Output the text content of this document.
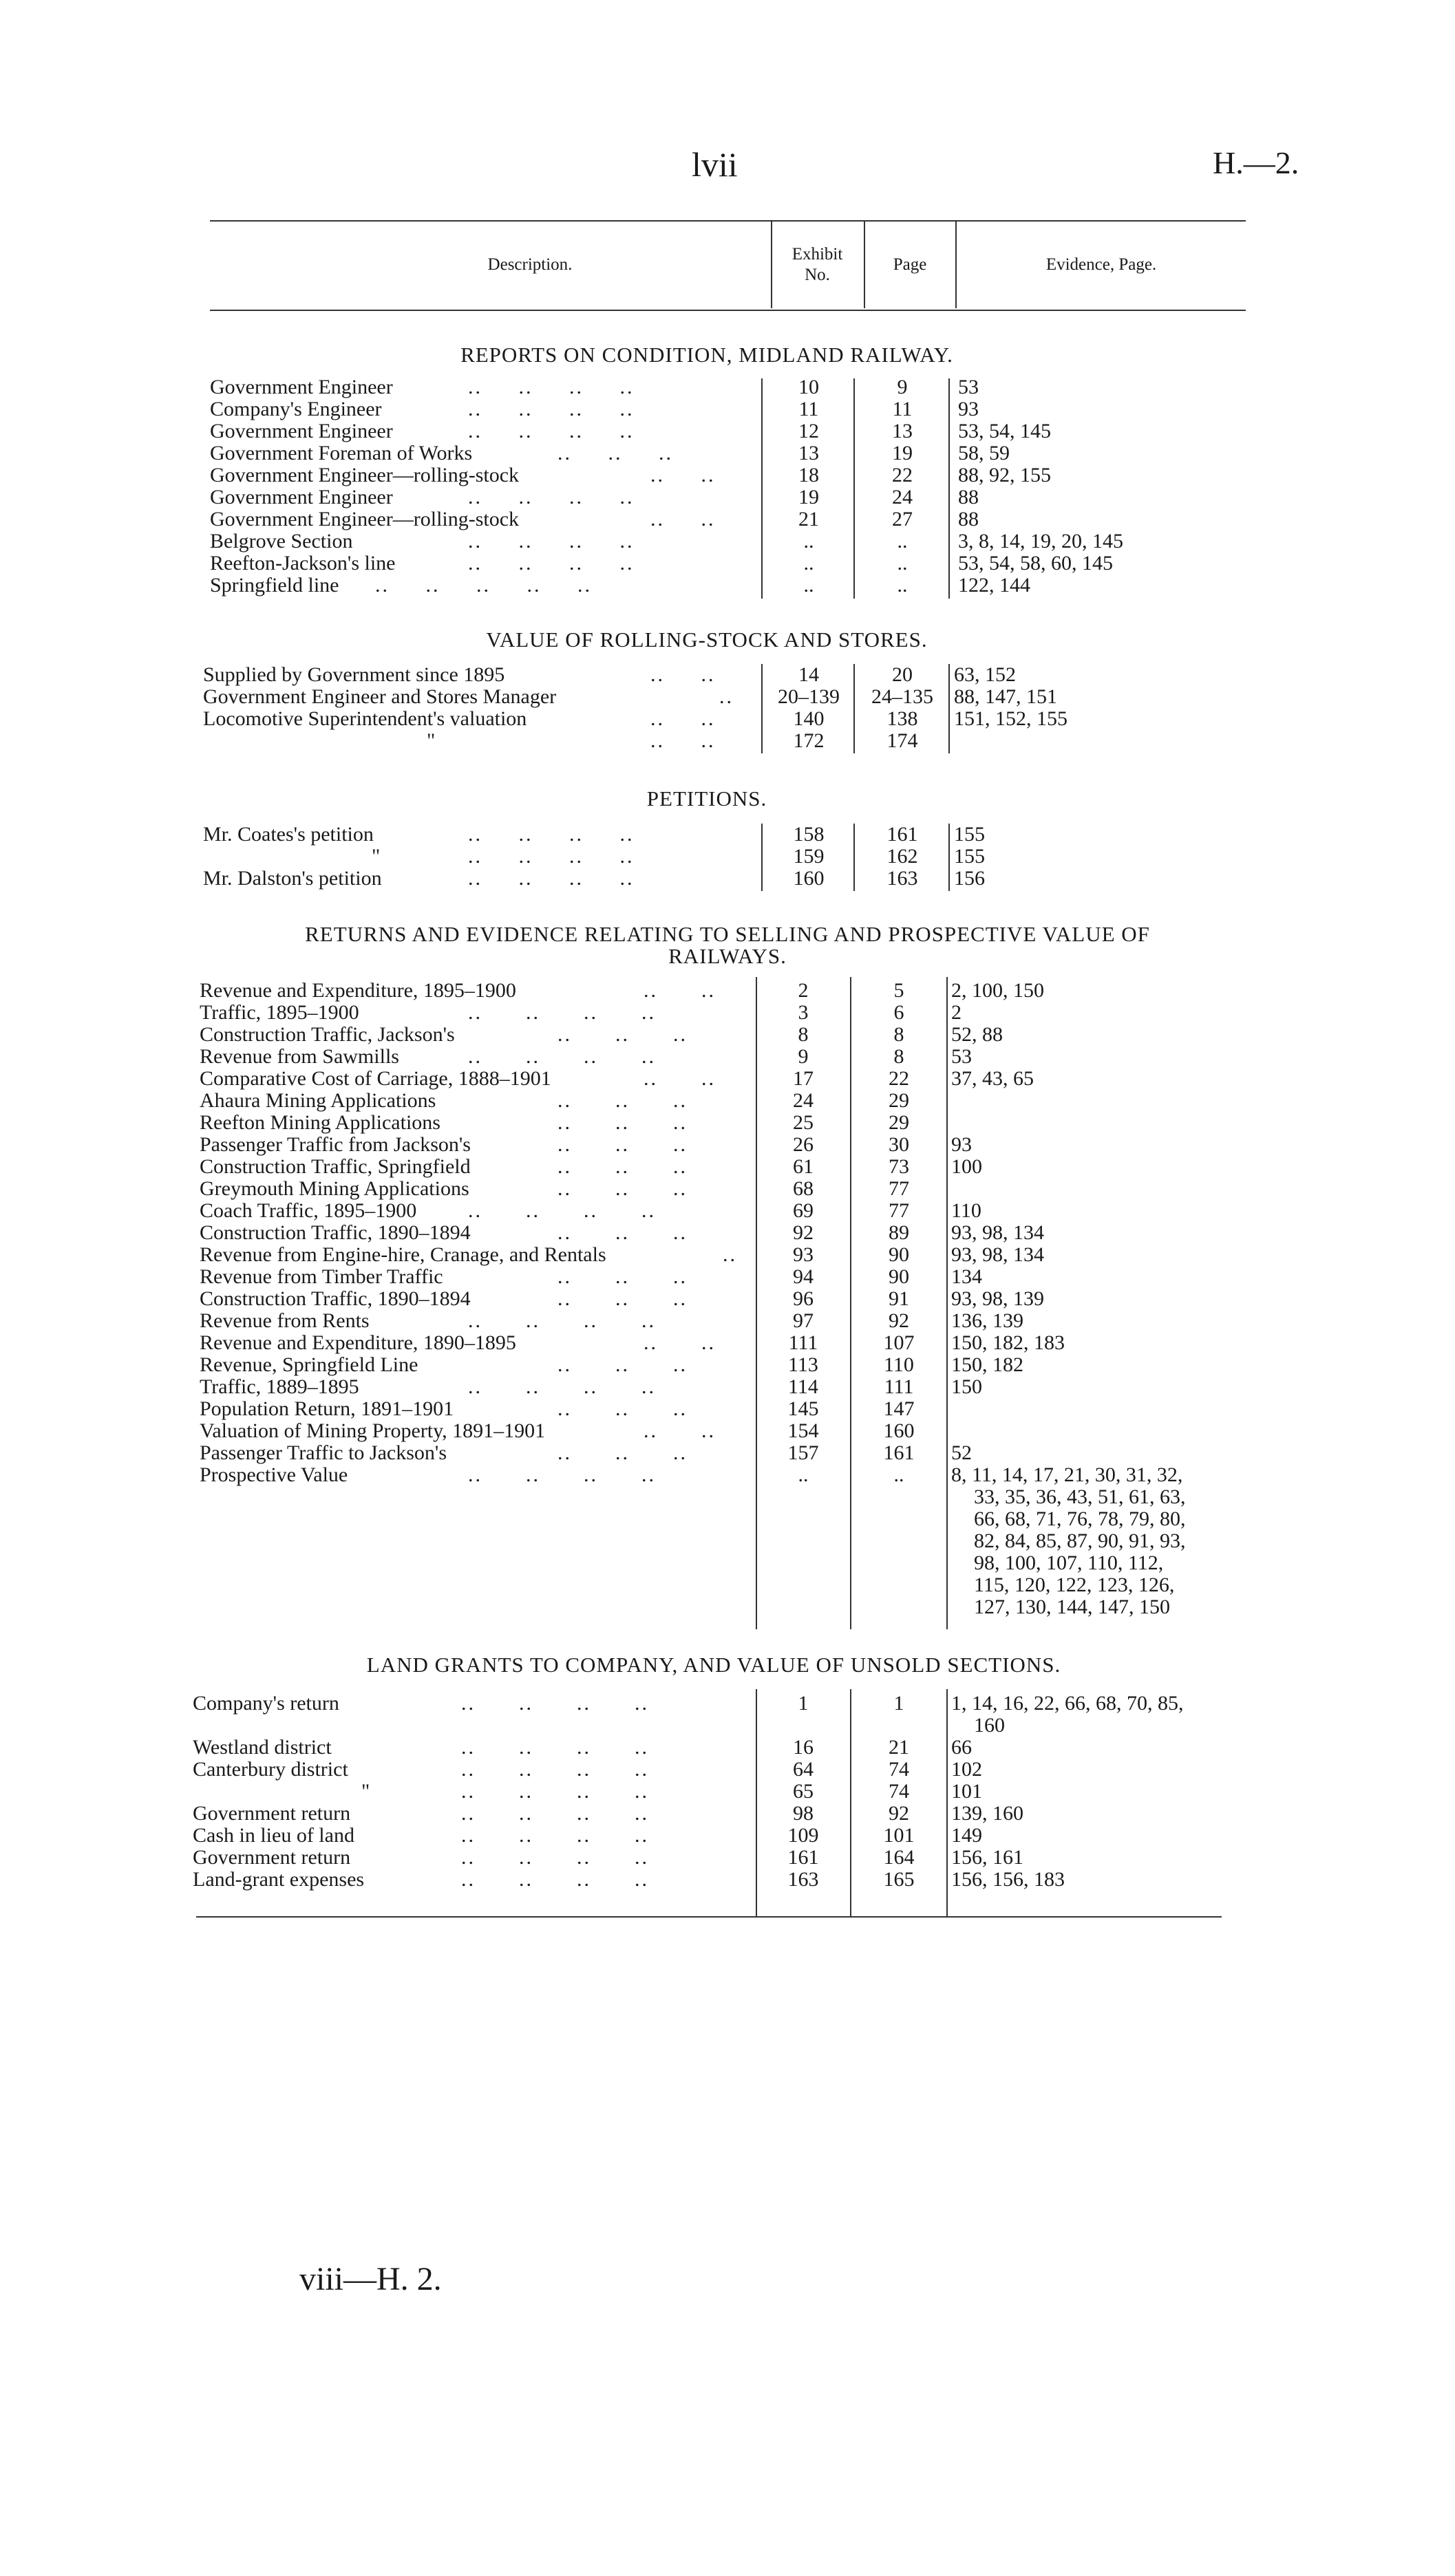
lvii	H.—2.
Description.
Exhibit No.
Page	Evidence, Page.
REPORTS ON CONDITION, MIDLAND RAILWAY.
VALUE OF ROLLING-STOCK AND STORES.
PETITIONS.
RETURNS AND EVIDENCE RELATING TO SELLING AND PROSPECTIVE VALUE OF
RAILWAYS.
LAND GRANTS TO COMPANY, AND VALUE OF UNSOLD SECTIONS.
Government Engineer	..     ..     ..     ..	10	9	53
Company's Engineer	..     ..     ..     ..	11	11	93
Government Engineer	..     ..     ..     ..	12	13	53, 54, 145
Government Foreman of Works	..     ..     ..	13	19	58, 59
Government Engineer—rolling-stock	..     ..	18	22	88, 92, 155
Government Engineer	..     ..     ..     ..	19	24	88
Government Engineer—rolling-stock	..     ..	21	27	88
Belgrove Section	..     ..     ..     ..	..	..	3, 8, 14, 19, 20, 145
Reefton-Jackson's line	..     ..     ..     ..	..	..	53, 54, 58, 60, 145
Springfield line ..     ..     ..     ..     ..	..	..	122, 144
Supplied by Government since 1895	..     ..	14	20	63, 152
Government Engineer and Stores Manager	..	20–139	24–135	88, 147, 151
Locomotive Superintendent's valuation	..     ..	140	138	151, 152, 155
"	..     ..	172	174
Mr. Coates's petition	..     ..     ..     ..	158	161	155
"	..     ..     ..     ..	159	162	155
Mr. Dalston's petition	..     ..     ..     ..	160	163	156
Revenue and Expenditure, 1895–1900	..      ..	2	5	2, 100, 150
Traffic, 1895–1900	..      ..      ..      ..	3	6	2
Construction Traffic, Jackson's	..      ..      ..	8	8	52, 88
Revenue from Sawmills	..      ..      ..      ..	9	8	53
Comparative Cost of Carriage, 1888–1901	..      ..	17	22	37, 43, 65
Ahaura Mining Applications	..      ..      ..	24	29
Reefton Mining Applications	..      ..      ..	25	29
Passenger Traffic from Jackson's	..      ..      ..	26	30	93
Construction Traffic, Springfield	..      ..      ..	61	73	100
Greymouth Mining Applications	..      ..      ..	68	77
Coach Traffic, 1895–1900 ..      ..      ..      ..	69	77	110
Construction Traffic, 1890–1894	..      ..      ..	92	89	93, 98, 134
Revenue from Engine-hire, Cranage, and Rentals	..	93	90	93, 98, 134
Revenue from Timber Traffic	..      ..      ..	94	90	134
Construction Traffic, 1890–1894	..      ..      ..	96	91	93, 98, 139
Revenue from Rents	..      ..      ..      ..	97	92	136, 139
Revenue and Expenditure, 1890–1895	..      ..	111	107	150, 182, 183
Revenue, Springfield Line	..      ..      ..	113	110	150, 182
Traffic, 1889–1895	..      ..      ..      ..	114	111	150
Population Return, 1891–1901	..      ..      ..	145	147
Valuation of Mining Property, 1891–1901	..      ..	154	160
Passenger Traffic to Jackson's	..      ..      ..	157	161	52
Prospective Value	..      ..      ..      ..	..	..	8, 11, 14, 17, 21, 30, 31, 32,
33, 35, 36, 43, 51, 61, 63,
66, 68, 71, 76, 78, 79, 80,
82, 84, 85, 87, 90, 91, 93,
98, 100, 107, 110, 112,
115, 120, 122, 123, 126,
127, 130, 144, 147, 150
Company's return	..      ..      ..      ..	1	1	1, 14, 16, 22, 66, 68, 70, 85,
160
Westland district	..      ..      ..      ..	16	21	66
Canterbury district	..      ..      ..      ..	64	74	102
"	..      ..      ..      ..	65	74	101
Government return	..      ..      ..      ..	98	92	139, 160
Cash in lieu of land	..      ..      ..      ..	109	101	149
Government return	..      ..      ..      ..	161	164	156, 161
Land-grant expenses	..      ..      ..      ..	163	165	156, 156, 183
viii—H. 2.
